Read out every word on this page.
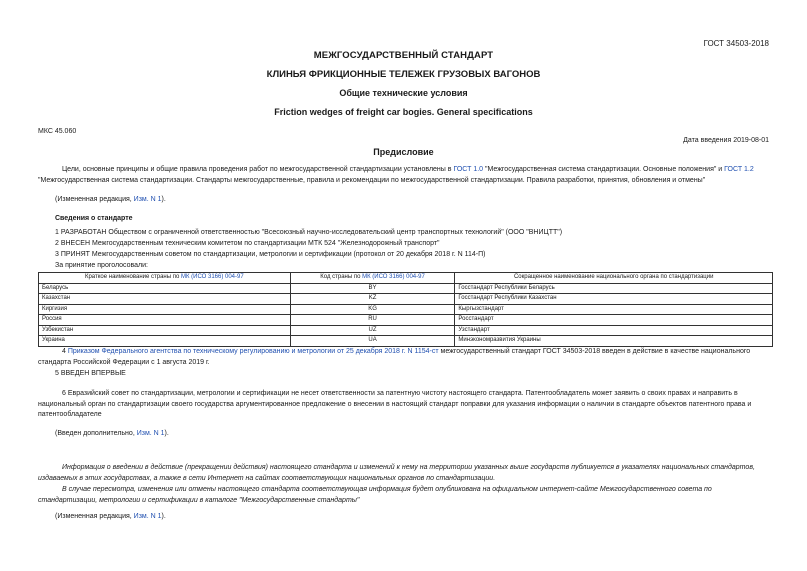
ГОСТ 34503-2018
МЕЖГОСУДАРСТВЕННЫЙ СТАНДАРТ
КЛИНЬЯ ФРИКЦИОННЫЕ ТЕЛЕЖЕК ГРУЗОВЫХ ВАГОНОВ
Общие технические условия
Friction wedges of freight car bogies. General specifications
МКС 45.060
Дата введения 2019-08-01
Предисловие
Цели, основные принципы и общие правила проведения работ по межгосударственной стандартизации установлены в ГОСТ 1.0 "Межгосударственная система стандартизации. Основные положения" и ГОСТ 1.2 "Межгосударственная система стандартизации. Стандарты межгосударственные, правила и рекомендации по межгосударственной стандартизации. Правила разработки, принятия, обновления и отмены"
(Измененная редакция, Изм. N 1).
Сведения о стандарте
1 РАЗРАБОТАН Обществом с ограниченной ответственностью "Всесоюзный научно-исследовательский центр транспортных технологий" (ООО "ВНИЦТТ")
2 ВНЕСЕН Межгосударственным техническим комитетом по стандартизации МТК 524 "Железнодорожный транспорт"
3 ПРИНЯТ Межгосударственным советом по стандартизации, метрологии и сертификации (протокол от 20 декабря 2018 г. N 114-П)
За принятие проголосовали:
Краткое наименование страны по МК (ИСО 3166) 004-97	Код страны по МК (ИСО 3166) 004-97	Сокращенное наименование национального органа по стандартизации
Беларусь	BY	Госстандарт Республики Беларусь
Казахстан	KZ	Госстандарт Республики Казахстан
Киргизия	KG	Кыргызстандарт
Россия	RU	Росстандарт
Узбекистан	UZ	Узстандарт
Украина	UA	Минэкономразвития Украины
4 Приказом Федерального агентства по техническому регулированию и метрологии от 25 декабря 2018 г. N 1154-ст межгосударственный стандарт ГОСТ 34503-2018 введен в действие в качестве национального стандарта Российской Федерации с 1 августа 2019 г.
5 ВВЕДЕН ВПЕРВЫЕ
6 Евразийский совет по стандартизации, метрологии и сертификации не несет ответственности за патентную чистоту настоящего стандарта. Патентообладатель может заявить о своих правах и направить в национальный орган по стандартизации своего государства аргументированное предложение о внесении в настоящий стандарт поправки для указания информации о наличии в стандарте объектов патентного права и патентообладателе
(Введен дополнительно, Изм. N 1).
Информация о введении в действие (прекращении действия) настоящего стандарта и изменений к нему на территории указанных выше государств публикуется в указателях национальных стандартов, издаваемых в этих государствах, а также в сети Интернет на сайтах соответствующих национальных органов по стандартизации.
В случае пересмотра, изменения или отмены настоящего стандарта соответствующая информация будет опубликована на официальном интернет-сайте Межгосударственного совета по стандартизации, метрологии и сертификации в каталоге "Межгосударственные стандарты"
(Измененная редакция, Изм. N 1).
